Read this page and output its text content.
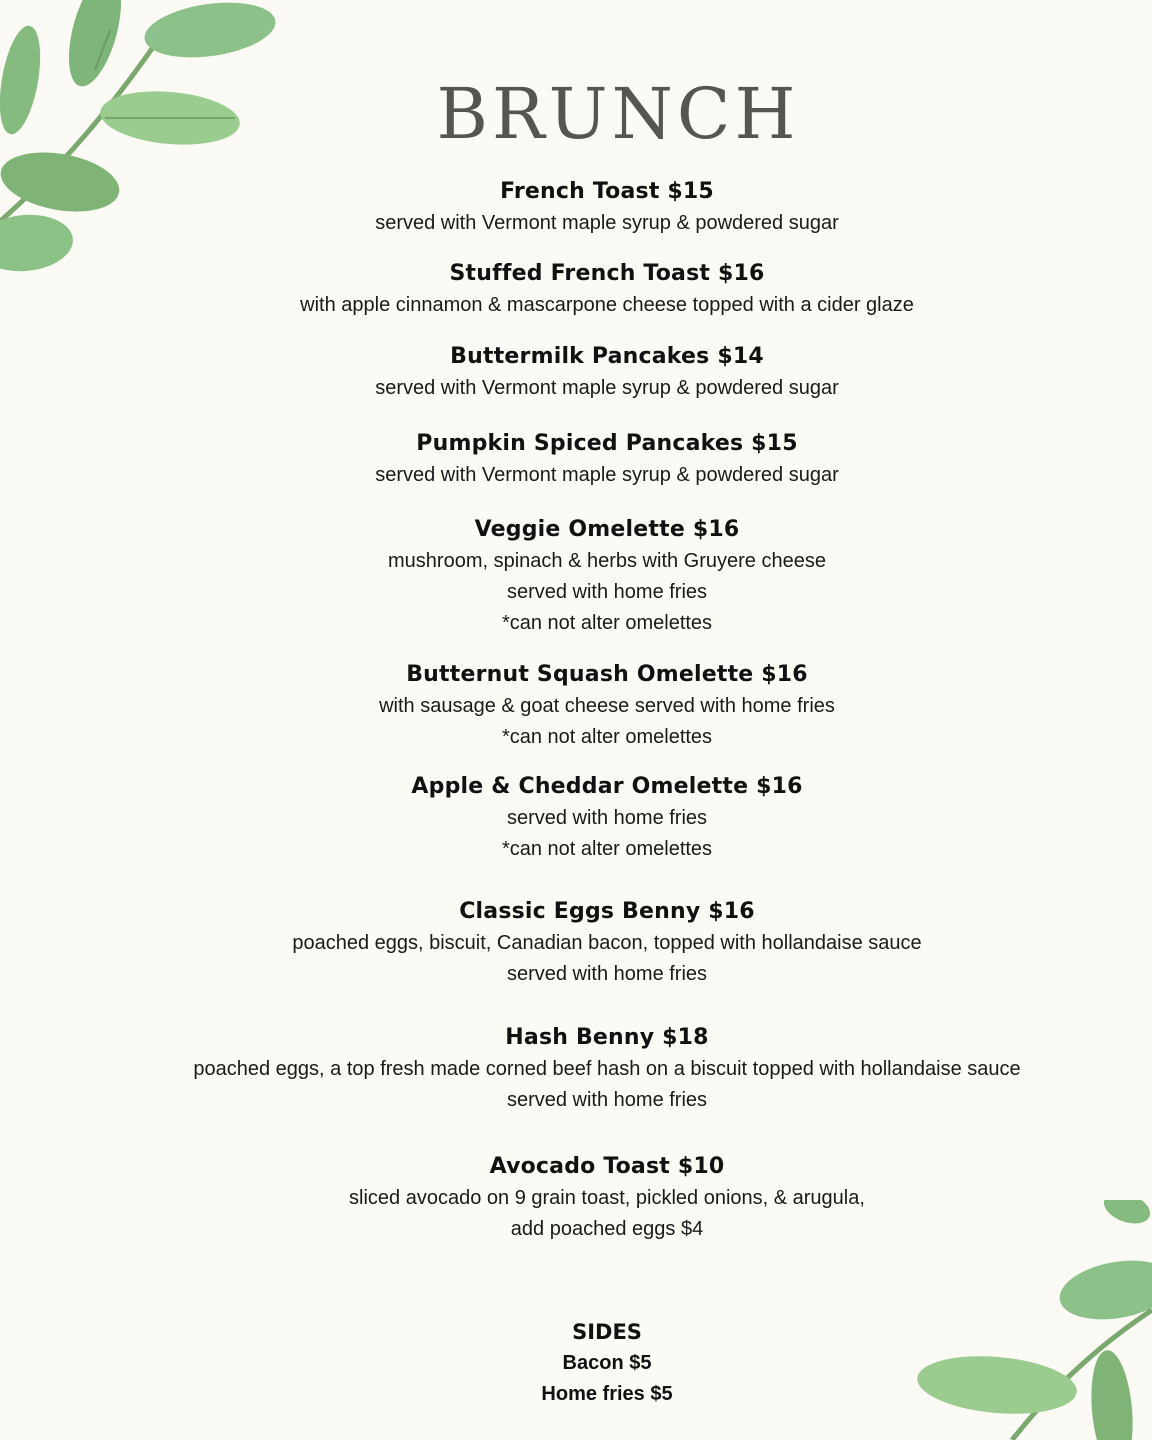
BRUNCH
French Toast $15
served with Vermont maple syrup & powdered sugar
Stuffed French Toast $16
with apple cinnamon & mascarpone cheese topped with a cider glaze
Buttermilk Pancakes $14
served with Vermont maple syrup & powdered sugar
Pumpkin Spiced Pancakes $15
served with Vermont maple syrup & powdered sugar
Veggie Omelette $16
mushroom, spinach & herbs with Gruyere cheese
served with home fries
*can not alter omelettes
Butternut Squash Omelette $16
with sausage & goat cheese served with home fries
*can not alter omelettes
Apple & Cheddar Omelette $16
served with home fries
*can not alter omelettes
Classic Eggs Benny $16
poached eggs, biscuit, Canadian bacon, topped with hollandaise sauce
served with home fries
Hash Benny $18
poached eggs, a top fresh made corned beef hash on a biscuit topped with hollandaise sauce
served with home fries
Avocado Toast $10
sliced avocado on 9 grain toast, pickled onions, & arugula,
add poached eggs $4
SIDES
Bacon $5
Home fries $5
